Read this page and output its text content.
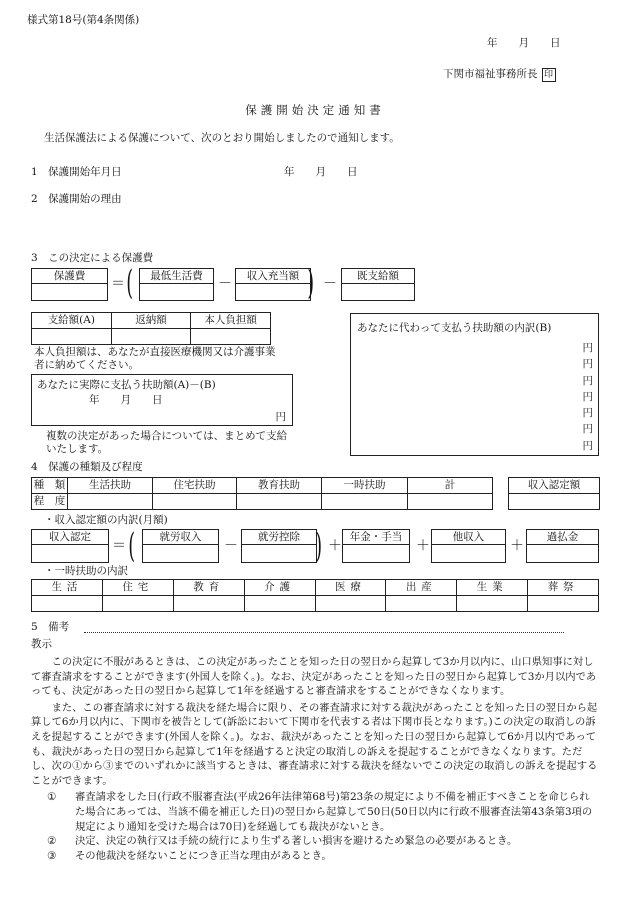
様式第18号(第4条関係)
年　　月　　日
下関市福祉事務所長 印
保護開始決定通知書
生活保護法による保護について、次のとおり開始しましたので通知します。
1　保護開始年月日	年　　月　　日
2　保護開始の理由
3　この決定による保護費
保護費	＝ (	最低生活費	－	収入充当額 ) －	既支給額
支給額(A)	返納額	本人負担額

本人負担額は、あなたが直接医療機関又は介護事業者に納めてください。
あなたに実際に支払う扶助額(A)－(B)
年　　月　　日
円
複数の決定があった場合については、まとめて支給いたします。
あなたに代わって支払う扶助額の内訳(B)
円
円
円
円
円
円
円
4　保護の種類及び程度
種　類	生活扶助	住宅扶助	教育扶助	一時扶助	計		収入認定額
程　度							
・収入認定額の内訳(月額)
収入認定
＝ (	就労収入
－
就労控除 ) ＋
年金・手当
＋
他収入
＋
過払金
・一時扶助の内訳
生活	住宅	教育	介護	医療	出産	生業	葬祭

5　備考
教示

この決定に不服があるときは、この決定があったことを知った日の翌日から起算して3か月以内に、山口県知事に対して審査請求をすることができます(外国人を除く。)。なお、決定があったことを知った日の翌日から起算して3か月以内であっても、決定があった日の翌日から起算して1年を経過すると審査請求をすることができなくなります。

また、この審査請求に対する裁決を経た場合に限り、その審査請求に対する裁決があったことを知った日の翌日から起算して6か月以内に、下関市を被告として(訴訟において下関市を代表する者は下関市長となります。)この決定の取消しの訴えを提起することができます(外国人を除く。)。なお、裁決があったことを知った日の翌日から起算して6か月以内であっても、裁決があった日の翌日から起算して1年を経過すると決定の取消しの訴えを提起することができなくなります。ただし、次の①から③までのいずれかに該当するときは、審査請求に対する裁決を経ないでこの決定の取消しの訴えを提起することができます。

①	審査請求をした日(行政不服審査法(平成26年法律第68号)第23条の規定により不備を補正すべきことを命じられた場合にあっては、当該不備を補正した日)の翌日から起算して50日(50日以内に行政不服審査法第43条第3項の規定により通知を受けた場合は70日)を経過しても裁決がないとき。
②	決定、決定の執行又は手続の続行により生ずる著しい損害を避けるため緊急の必要があるとき。
③	その他裁決を経ないことにつき正当な理由があるとき。
